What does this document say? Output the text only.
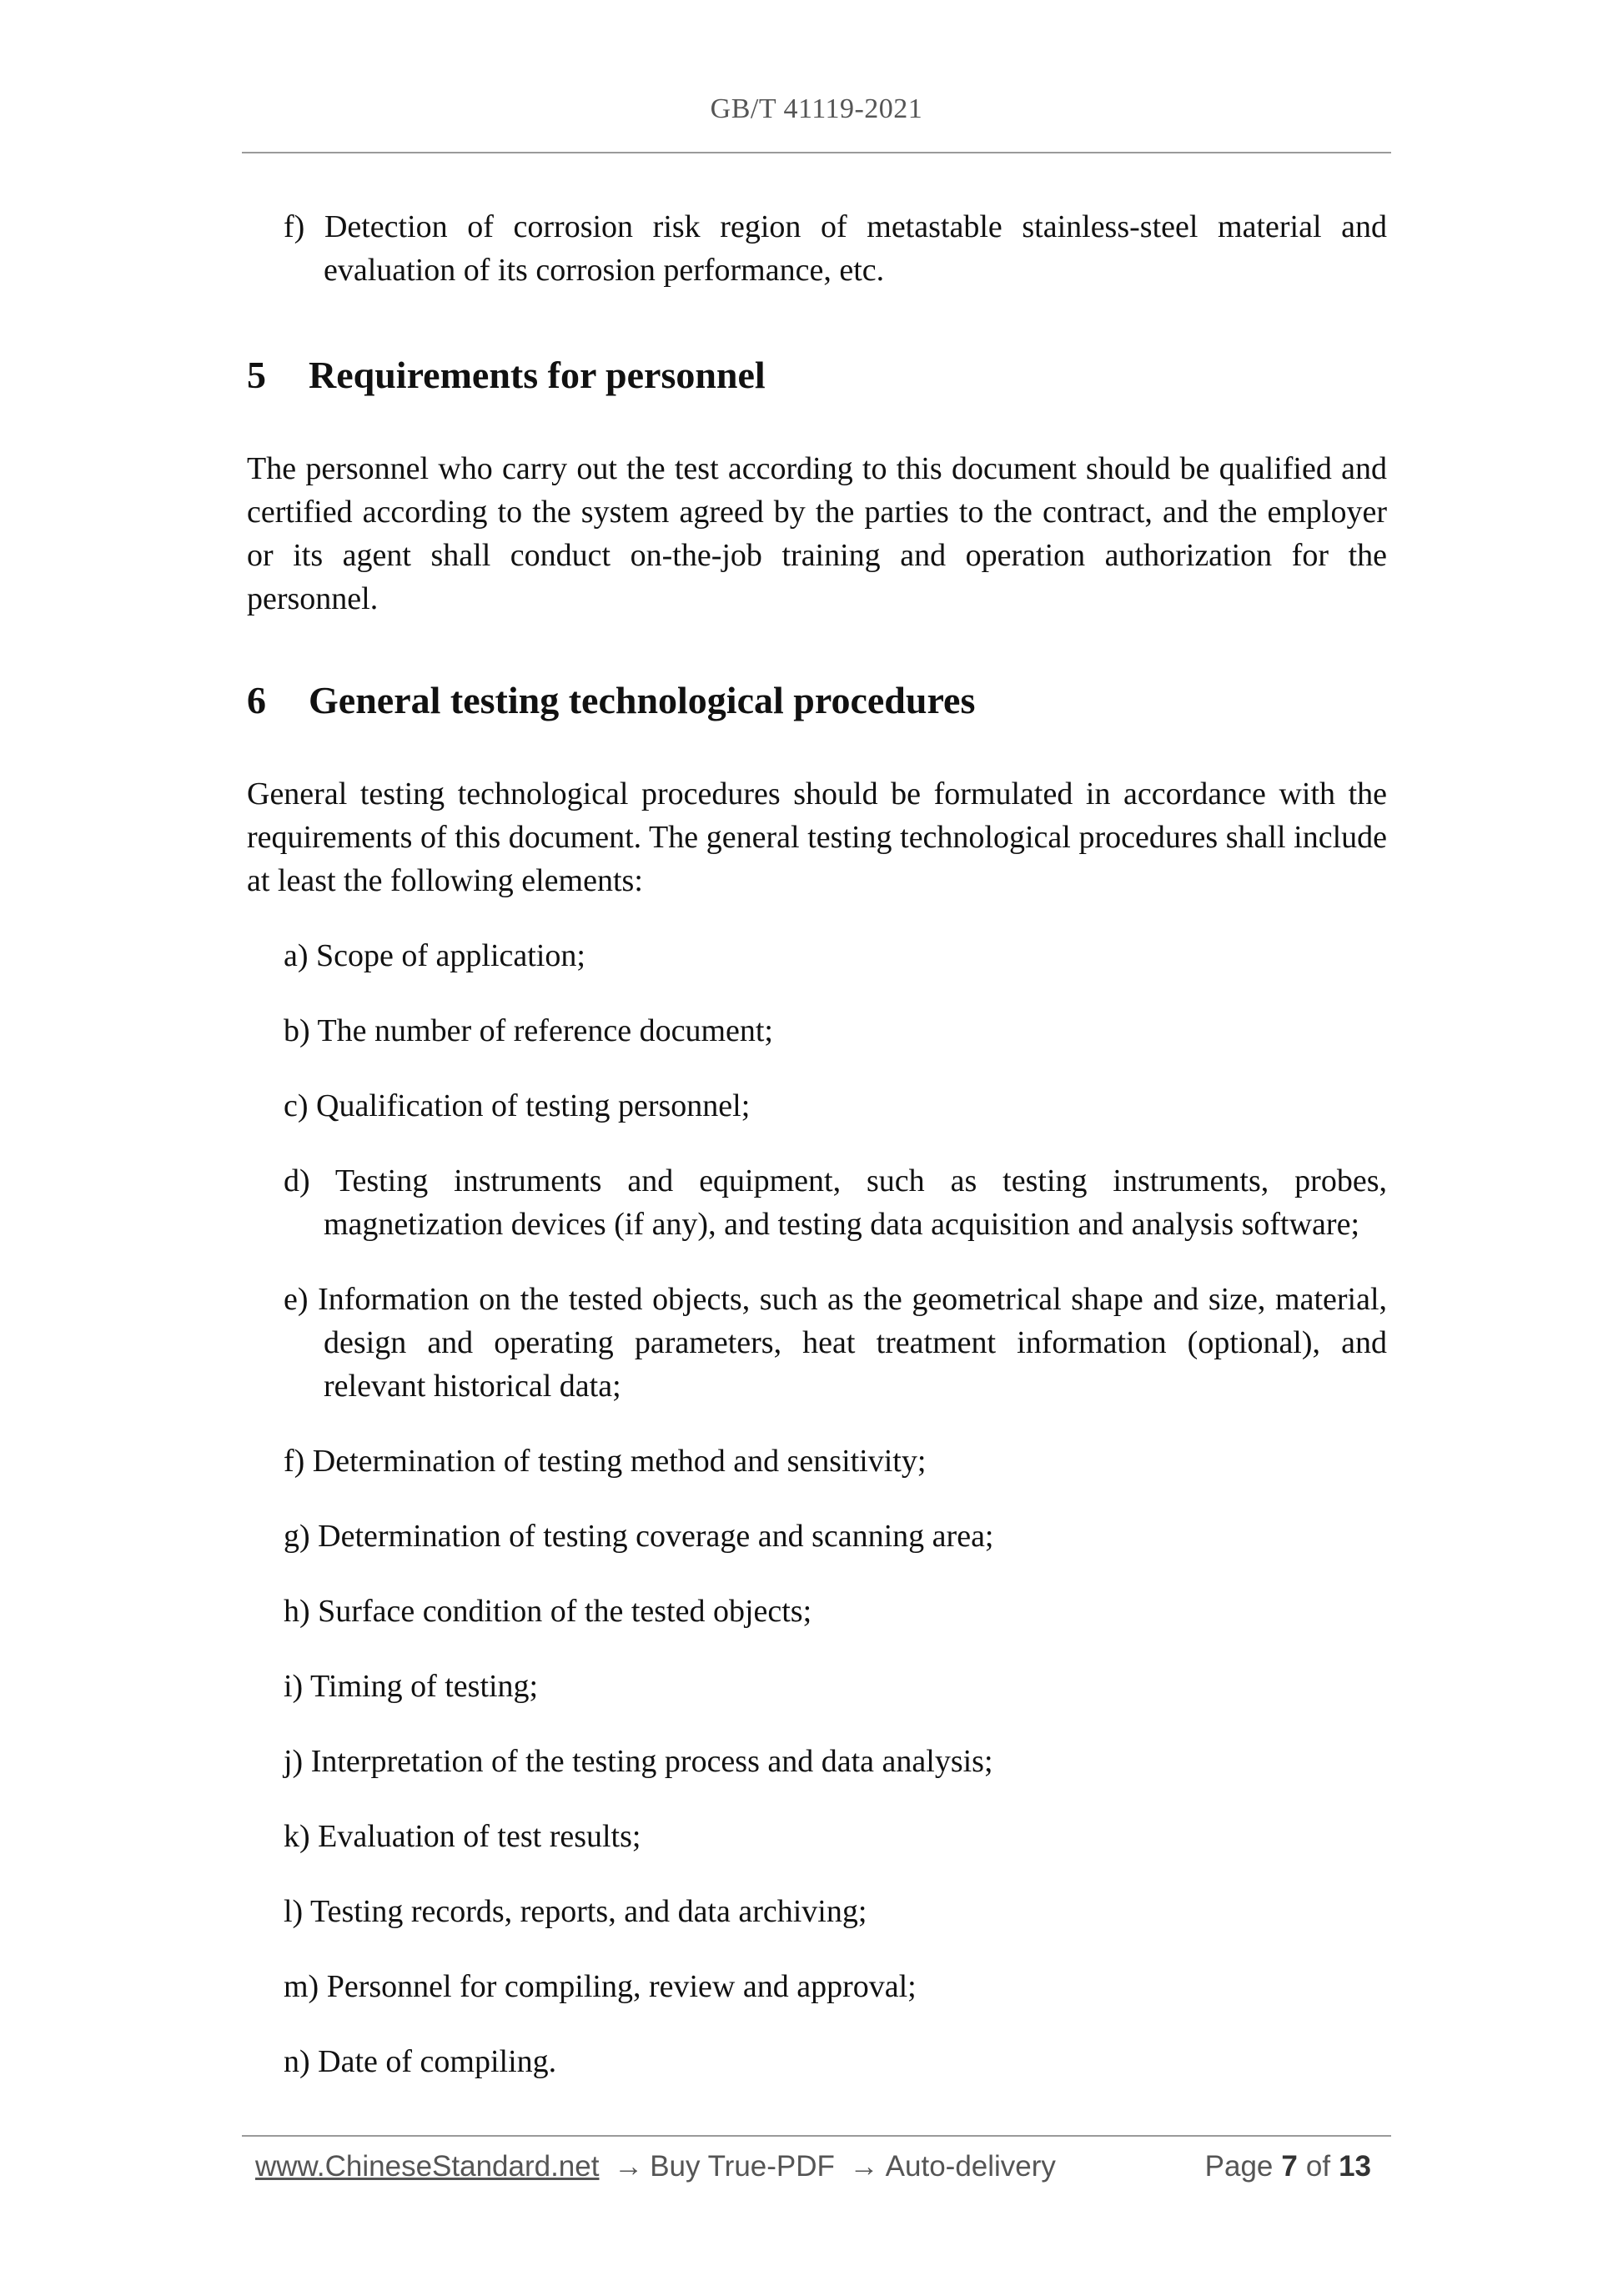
GB/T 41119-2021

f) Detection of corrosion risk region of metastable stainless-steel material and evaluation of its corrosion performance, etc.

5	Requirements for personnel

The personnel who carry out the test according to this document should be qualified and certified according to the system agreed by the parties to the contract, and the employer or its agent shall conduct on-the-job training and operation authorization for the personnel.

6	General testing technological procedures

General testing technological procedures should be formulated in accordance with the requirements of this document. The general testing technological procedures shall include at least the following elements:

a) Scope of application;

b) The number of reference document;

c) Qualification of testing personnel;

d) Testing instruments and equipment, such as testing instruments, probes, magnetization devices (if any), and testing data acquisition and analysis software;

e) Information on the tested objects, such as the geometrical shape and size, material, design and operating parameters, heat treatment information (optional), and relevant historical data;

f) Determination of testing method and sensitivity;

g) Determination of testing coverage and scanning area;

h) Surface condition of the tested objects;

i) Timing of testing;

j) Interpretation of the testing process and data analysis;

k) Evaluation of test results;

l) Testing records, reports, and data archiving;

m) Personnel for compiling, review and approval;

n) Date of compiling.

www.ChineseStandard.net → Buy True-PDF → Auto-delivery	Page 7 of 13
